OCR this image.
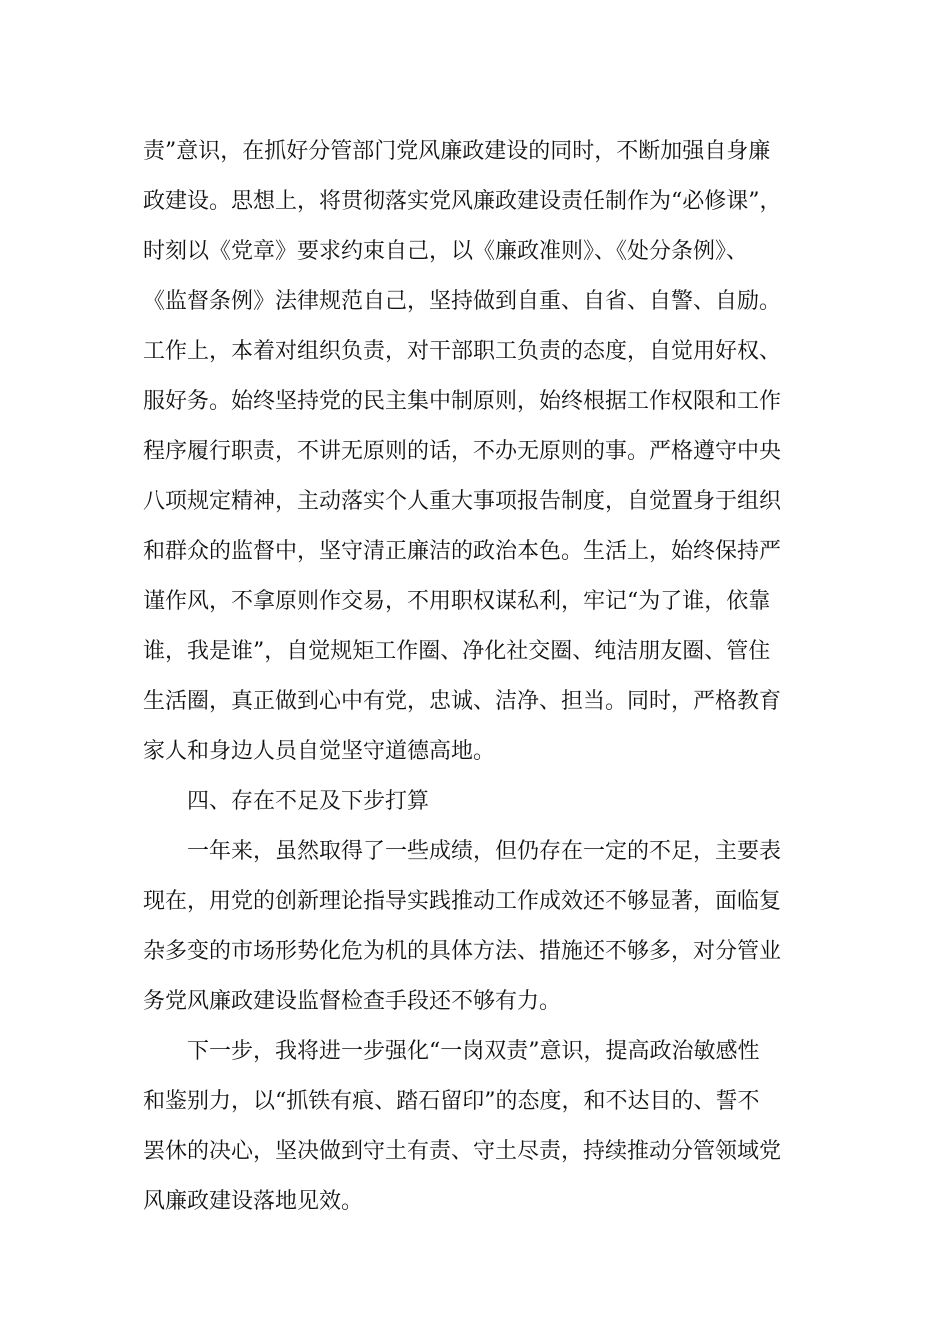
责”意识，在抓好分管部门党风廉政建设的同时，不断加强自身廉
政建设。思想上，将贯彻落实党风廉政建设责任制作为“必修课”，
时刻以《党章》要求约束自己，以《廉政准则》、《处分条例》、
《监督条例》法律规范自己，坚持做到自重、自省、自警、自励。
工作上，本着对组织负责，对干部职工负责的态度，自觉用好权、
服好务。始终坚持党的民主集中制原则，始终根据工作权限和工作
程序履行职责，不讲无原则的话，不办无原则的事。严格遵守中央
八项规定精神，主动落实个人重大事项报告制度，自觉置身于组织
和群众的监督中，坚守清正廉洁的政治本色。生活上，始终保持严
谨作风，不拿原则作交易，不用职权谋私利，牢记“为了谁，依靠
谁，我是谁”，自觉规矩工作圈、净化社交圈、纯洁朋友圈、管住
生活圈，真正做到心中有党，忠诚、洁净、担当。同时，严格教育
家人和身边人员自觉坚守道德高地。
四、存在不足及下步打算
一年来，虽然取得了一些成绩，但仍存在一定的不足，主要表
现在，用党的创新理论指导实践推动工作成效还不够显著，面临复
杂多变的市场形势化危为机的具体方法、措施还不够多，对分管业
务党风廉政建设监督检查手段还不够有力。
下一步，我将进一步强化“一岗双责”意识，提高政治敏感性
和鉴别力，以“抓铁有痕、踏石留印”的态度，和不达目的、誓不
罢休的决心，坚决做到守土有责、守土尽责，持续推动分管领域党
风廉政建设落地见效。
